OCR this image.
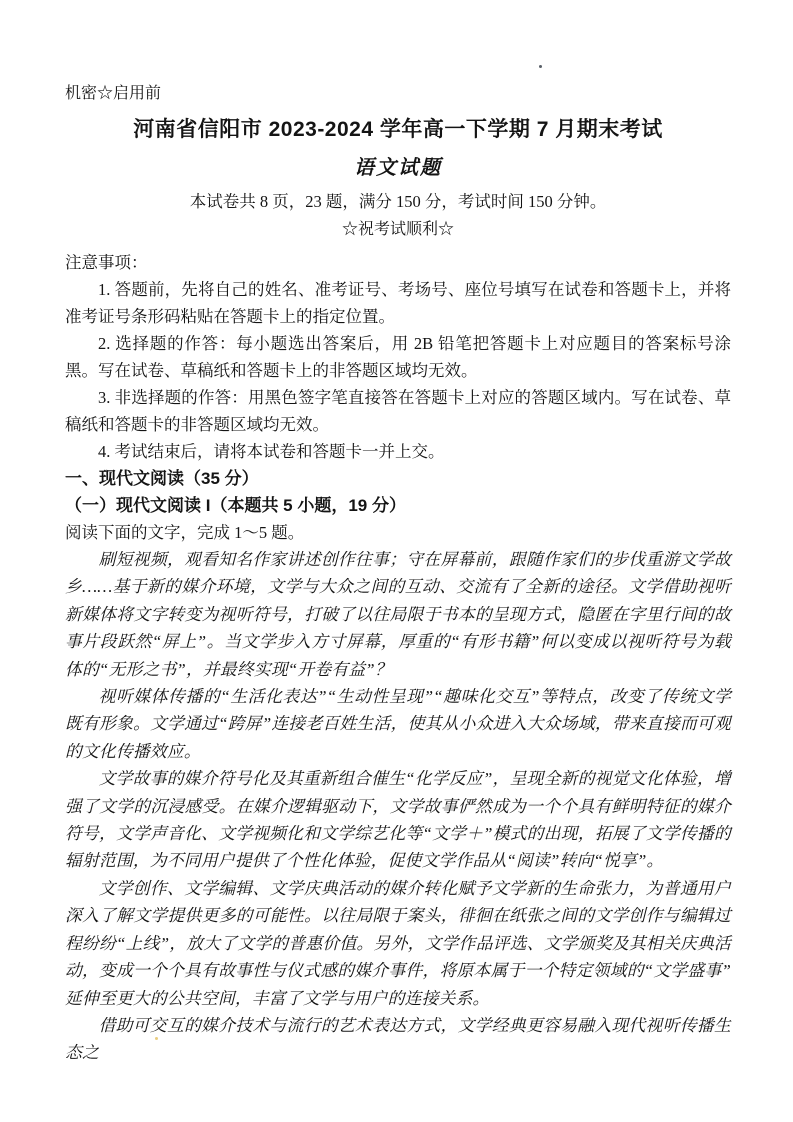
机密☆启用前
河南省信阳市 2023-2024 学年高一下学期 7 月期末考试
语文试题
本试卷共 8 页，23 题，满分 150 分，考试时间 150 分钟。
☆祝考试顺利☆
注意事项：

1. 答题前，先将自己的姓名、准考证号、考场号、座位号填写在试卷和答题卡上，并将准考证号条形码粘贴在答题卡上的指定位置。

2. 选择题的作答：每小题选出答案后，用 2B 铅笔把答题卡上对应题目的答案标号涂黑。写在试卷、草稿纸和答题卡上的非答题区域均无效。

3. 非选择题的作答：用黑色签字笔直接答在答题卡上对应的答题区域内。写在试卷、草稿纸和答题卡的非答题区域均无效。

4. 考试结束后，请将本试卷和答题卡一并上交。

一、现代文阅读（35 分）
（一）现代文阅读 I（本题共 5 小题，19 分）
阅读下面的文字，完成 1～5 题。

刷短视频，观看知名作家讲述创作往事；守在屏幕前，跟随作家们的步伐重游文学故乡……基于新的媒介环境，文学与大众之间的互动、交流有了全新的途径。文学借助视听新媒体将文字转变为视听符号，打破了以往局限于书本的呈现方式，隐匿在字里行间的故事片段跃然“屏上”。当文学步入方寸屏幕，厚重的“有形书籍”何以变成以视听符号为载体的“无形之书”，并最终实现“开卷有益”？

视听媒体传播的“生活化表达”“生动性呈现”“趣味化交互”等特点，改变了传统文学既有形象。文学通过“跨屏”连接老百姓生活，使其从小众进入大众场域，带来直接而可观的文化传播效应。

文学故事的媒介符号化及其重新组合催生“化学反应”，呈现全新的视觉文化体验，增强了文学的沉浸感受。在媒介逻辑驱动下，文学故事俨然成为一个个具有鲜明特征的媒介符号，文学声音化、文学视频化和文学综艺化等“文学＋”模式的出现，拓展了文学传播的辐射范围，为不同用户提供了个性化体验，促使文学作品从“阅读”转向“悦享”。

文学创作、文学编辑、文学庆典活动的媒介转化赋予文学新的生命张力，为普通用户深入了解文学提供更多的可能性。以往局限于案头，徘徊在纸张之间的文学创作与编辑过程纷纷“上线”，放大了文学的普惠价值。另外，文学作品评选、文学颁奖及其相关庆典活动，变成一个个具有故事性与仪式感的媒介事件，将原本属于一个特定领域的“文学盛事”延伸至更大的公共空间，丰富了文学与用户的连接关系。

借助可交互的媒介技术与流行的艺术表达方式，文学经典更容易融入现代视听传播生态之
